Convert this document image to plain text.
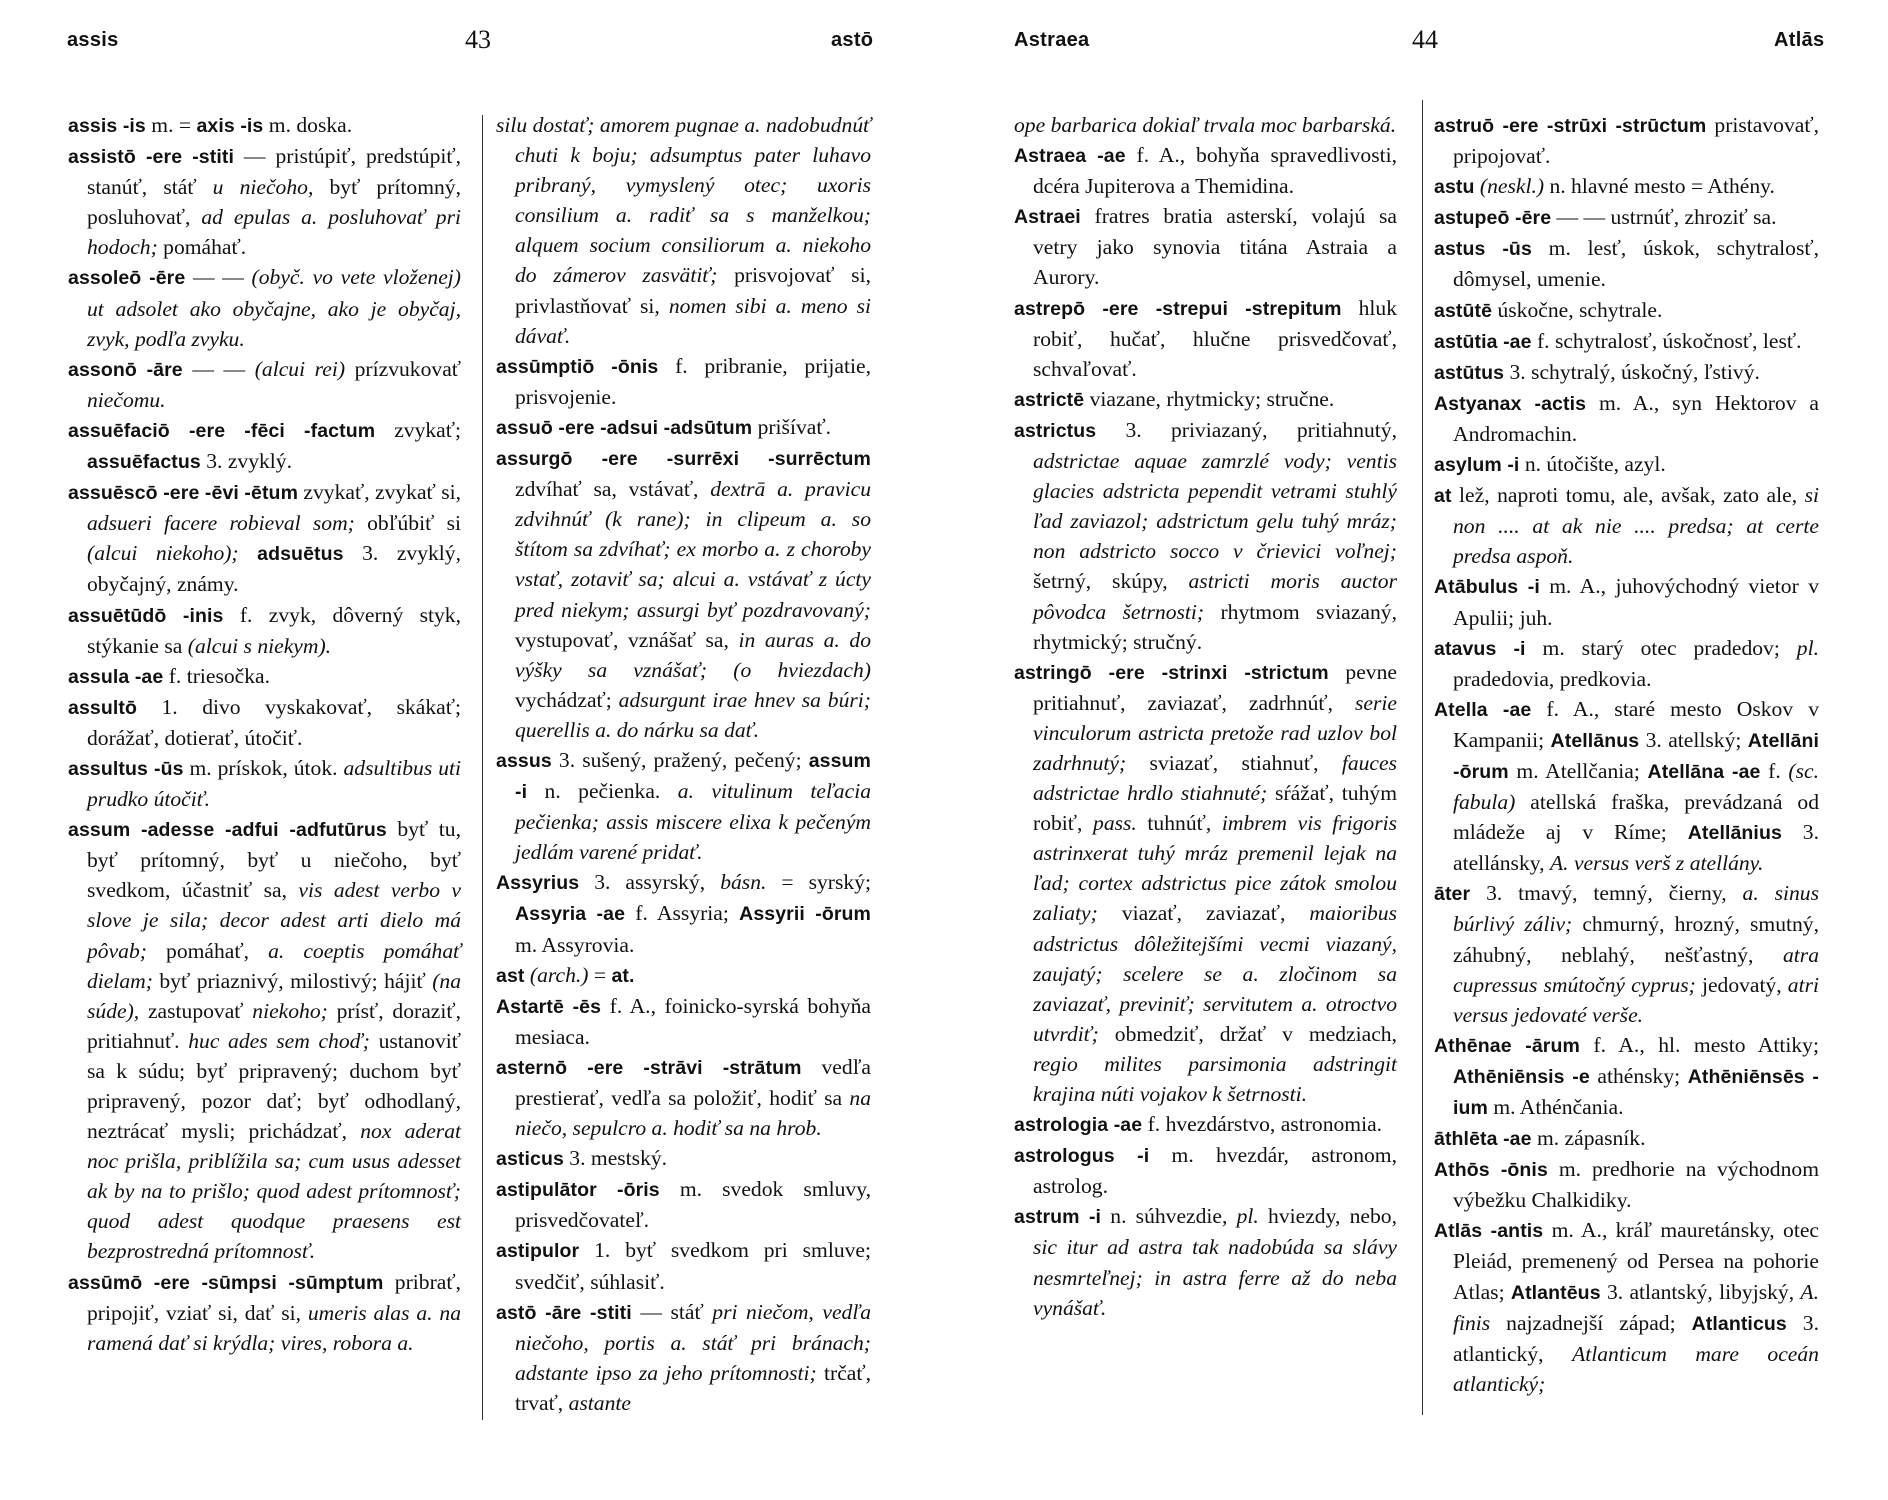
assis	43	astō

assis -is m. = axis -is m. doska.

assistō -ere -stiti — pristúpiť, predstúpiť, stanúť, stáť u niečoho, byť prítomný, posluhovať, ad epulas a. posluhovať pri hodoch; pomáhať.

assoleō -ēre — — (obyč. vo vete vloženej) ut adsolet ako obyčajne, ako je obyčaj, zvyk, podľa zvyku.

assonō -āre — — (alcui rei) prízvukovať niečomu.

assuēfaciō -ere -fēci -factum zvykať; assuēfactus 3. zvyklý.

assuēscō -ere -ēvi -ētum zvykať, zvykať si, adsueri facere robieval som; obľúbiť si (alcui niekoho); adsuētus 3. zvyklý, obyčajný, známy.

assuētūdō -inis f. zvyk, dôverný styk, stýkanie sa (alcui s niekym).

assula -ae f. triesočka.

assultō 1. divo vyskakovať, skákať; dorážať, dotierať, útočiť.

assultus -ūs m. prískok, útok. adsultibus uti prudko útočiť.

assum -adesse -adfui -adfutūrus byť tu, byť prítomný, byť u niečoho, byť svedkom, účastniť sa, vis adest verbo v slove je sila; decor adest arti dielo má pôvab; pomáhať, a. coeptis pomáhať dielam; byť priaznivý, milostivý; hájiť (na súde), zastupovať niekoho; prísť, doraziť, pritiahnuť. huc ades sem choď; ustanoviť sa k súdu; byť pripravený; duchom byť pripravený, pozor dať; byť odhodlaný, neztrácať mysli; prichádzať, nox aderat noc prišla, priblížila sa; cum usus adesset ak by na to prišlo; quod adest prítomnosť; quod adest quodque praesens est bezprostredná prítomnosť.

assūmō -ere -sūmpsi -sūmptum pribrať, pripojiť, vziať si, dať si, umeris alas a. na ramená dať si krýdla; vires, robora a.

silu dostať; amorem pugnae a. nadobudnúť chuti k boju; adsumptus pater luhavo pribraný, vymyslený otec; uxoris consilium a. radiť sa s manželkou; alquem socium consiliorum a. niekoho do zámerov zasvätiť; prisvojovať si, privlastňovať si, nomen sibi a. meno si dávať.

assūmptiō -ōnis f. pribranie, prijatie, prisvojenie.

assuō -ere -adsui -adsūtum prišívať.

assurgō -ere -surrēxi -surrēctum zdvíhať sa, vstávať, dextrā a. pravicu zdvihnúť (k rane); in clipeum a. so štítom sa zdvíhať; ex morbo a. z choroby vstať, zotaviť sa; alcui a. vstávať z úcty pred niekym; assurgi byť pozdravovaný; vystupovať, vznášať sa, in auras a. do výšky sa vznášať; (o hviezdach) vychádzať; adsurgunt irae hnev sa búri; querellis a. do nárku sa dať.

assus 3. sušený, pražený, pečený; assum -i n. pečienka. a. vitulinum teľacia pečienka; assis miscere elixa k pečeným jedlám varené pridať.

Assyrius 3. assyrský, básn. = syrský; Assyria -ae f. Assyria; Assyrii -ōrum m. Assyrovia.

ast (arch.) = at.

Astartē -ēs f. A., foinicko-syrská bohyňa mesiaca.

asternō -ere -strāvi -strātum vedľa prestierať, vedľa sa položiť, hodiť sa na niečo, sepulcro a. hodiť sa na hrob.

asticus 3. mestský.

astipulātor -ōris m. svedok smluvy, prisvedčovateľ.

astipulor 1. byť svedkom pri smluve; svedčiť, súhlasiť.

astō -āre -stiti — stáť pri niečom, vedľa niečoho, portis a. stáť pri bránach; adstante ipso za jeho prítomnosti; trčať, trvať, astante

Astraea	44	Atlās

ope barbarica dokiaľ trvala moc barbarská.

Astraea -ae f. A., bohyňa spravedlivosti, dcéra Jupiterova a Themidina.

Astraei fratres bratia asterskí, volajú sa vetry jako synovia titána Astraia a Aurory.

astrepō -ere -strepui -strepitum hluk robiť, hučať, hlučne prisvedčovať, schvaľovať.

astrictē viazane, rhytmicky; stručne.

astrictus 3. priviazaný, pritiahnutý, adstrictae aquae zamrzlé vody; ventis glacies adstricta pependit vetrami stuhlý ľad zaviazol; adstrictum gelu tuhý mráz; non adstricto socco v črievici voľnej; šetrný, skúpy, astricti moris auctor pôvodca šetrnosti; rhytmom sviazaný, rhytmický; stručný.

astringō -ere -strinxi -strictum pevne pritiahnuť, zaviazať, zadrhnúť, serie vinculorum astricta pretože rad uzlov bol zadrhnutý; sviazať, stiahnuť, fauces adstrictae hrdlo stiahnuté; sŕážať, tuhým robiť, pass. tuhnúť, imbrem vis frigoris astrinxerat tuhý mráz premenil lejak na ľad; cortex adstrictus pice zátok smolou zaliaty; viazať, zaviazať, maioribus adstrictus dôležitejšími vecmi viazaný, zaujatý; scelere se a. zločinom sa zaviazať, previniť; servitutem a. otroctvo utvrdiť; obmedziť, držať v medziach, regio milites parsimonia adstringit krajina núti vojakov k šetrnosti.

astrologia -ae f. hvezdárstvo, astronomia.

astrologus -i m. hvezdár, astronom, astrolog.

astrum -i n. súhvezdie, pl. hviezdy, nebo, sic itur ad astra tak nadobúda sa slávy nesmrteľnej; in astra ferre až do neba vynášať.

astruō -ere -strūxi -strūctum pristavovať, pripojovať.

astu (neskl.) n. hlavné mesto = Athény.

astupeō -ēre — — ustrnúť, zhroziť sa.

astus -ūs m. lesť, úskok, schytralosť, dômysel, umenie.

astūtē úskočne, schytrale.

astūtia -ae f. schytralosť, úskočnosť, lesť.

astūtus 3. schytralý, úskočný, ľstivý.

Astyanax -actis m. A., syn Hektorov a Andromachin.

asylum -i n. útočište, azyl.

at lež, naproti tomu, ale, avšak, zato ale, si non .... at ak nie .... predsa; at certe predsa aspoň.

Atābulus -i m. A., juhovýchodný vietor v Apulii; juh.

atavus -i m. starý otec pradedov; pl. pradedovia, predkovia.

Atella -ae f. A., staré mesto Oskov v Kampanii; Atellānus 3. atellský; Atellāni -ōrum m. Atellčania; Atellāna -ae f. (sc. fabula) atellská fraška, prevádzaná od mládeže aj v Ríme; Atellānius 3. atellánsky, A. versus verš z atellány.

āter 3. tmavý, temný, čierny, a. sinus búrlivý záliv; chmurný, hrozný, smutný, záhubný, neblahý, nešťastný, atra cupressus smútočný cyprus; jedovatý, atri versus jedovaté verše.

Athēnae -ārum f. A., hl. mesto Attiky; Athēniēnsis -e athénsky; Athēniēnsēs -ium m. Athénčania.

āthlēta -ae m. zápasník.

Athōs -ōnis m. predhorie na východnom výbežku Chalkidiky.

Atlās -antis m. A., kráľ mauretánsky, otec Pleiád, premenený od Persea na pohorie Atlas; Atlantēus 3. atlantský, libyjský, A. finis najzadnejší západ; Atlanticus 3. atlantický, Atlanticum mare oceán atlantický;
